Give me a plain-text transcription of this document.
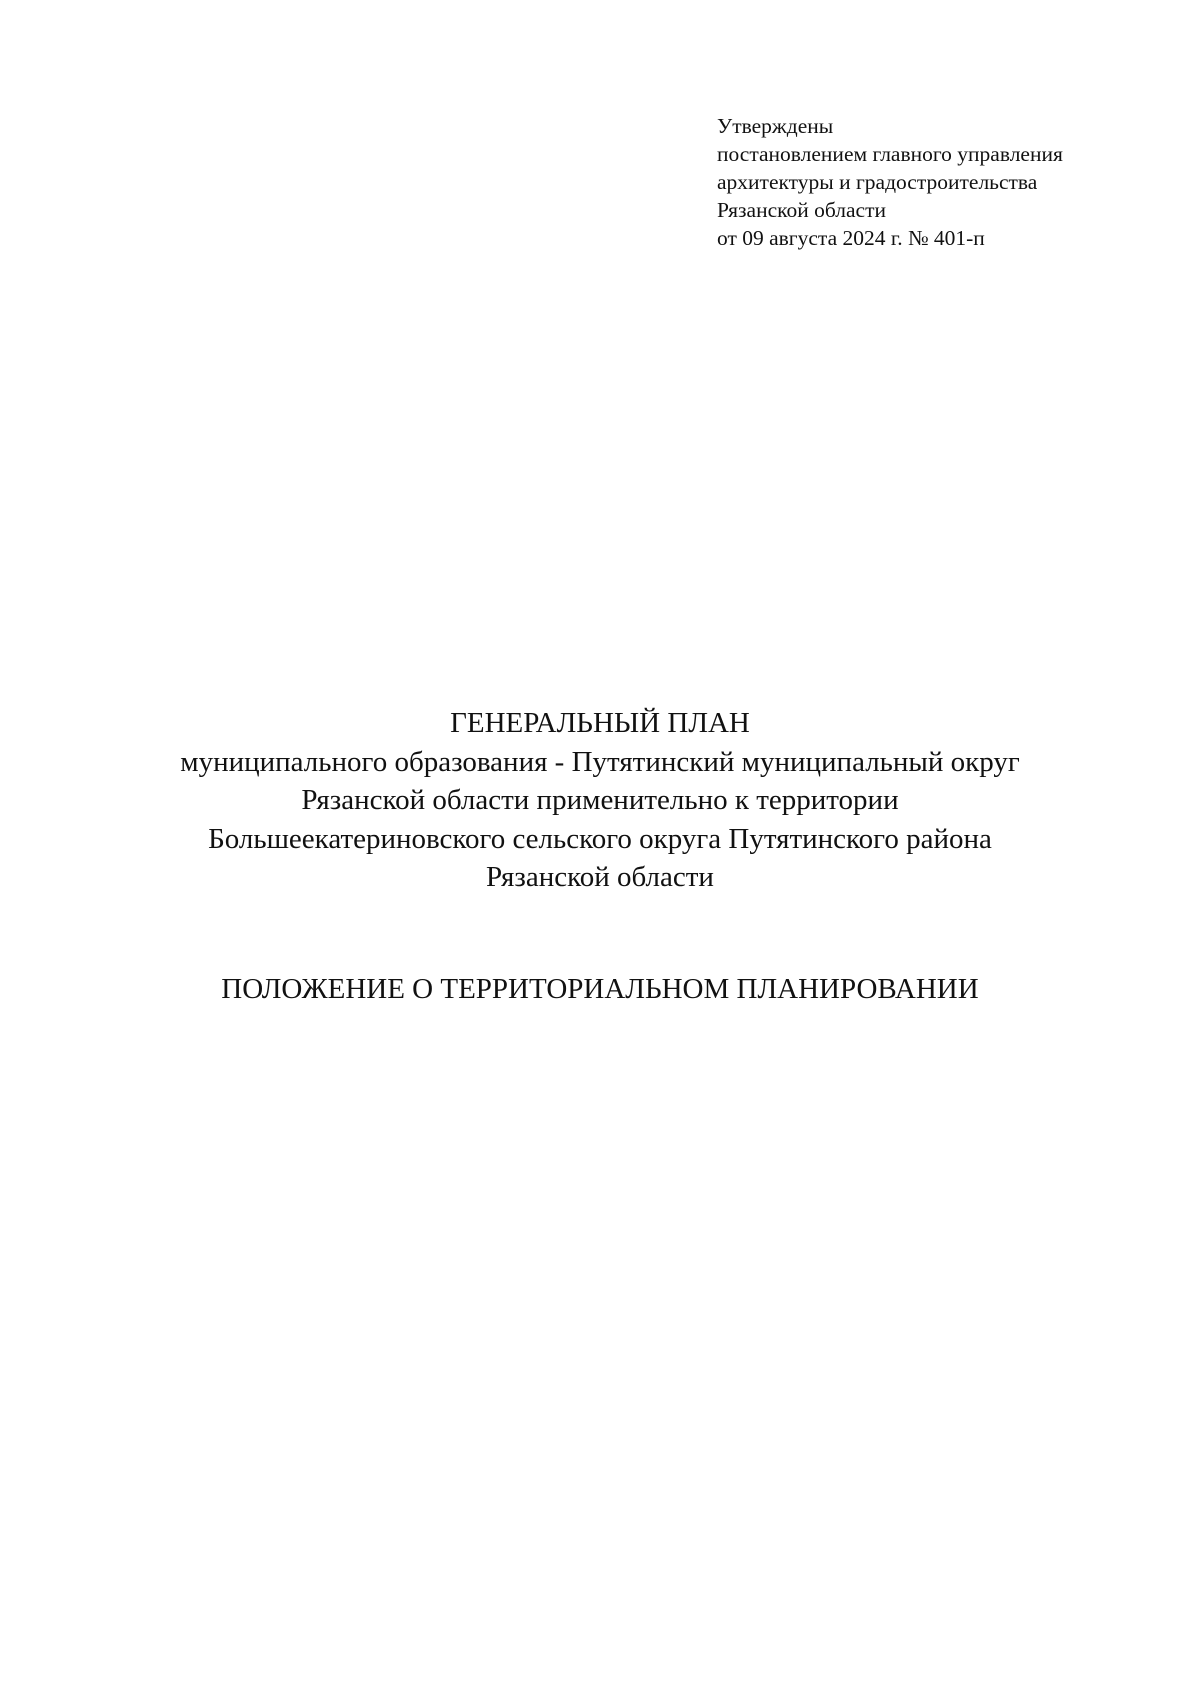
Утверждены
постановлением главного управления
архитектуры и градостроительства
Рязанской области
от 09 августа 2024 г. № 401-п
ГЕНЕРАЛЬНЫЙ ПЛАН
муниципального образования - Путятинский муниципальный округ
Рязанской области применительно к территории
Большеекатериновского сельского округа Путятинского района
Рязанской области
ПОЛОЖЕНИЕ О ТЕРРИТОРИАЛЬНОМ ПЛАНИРОВАНИИ
